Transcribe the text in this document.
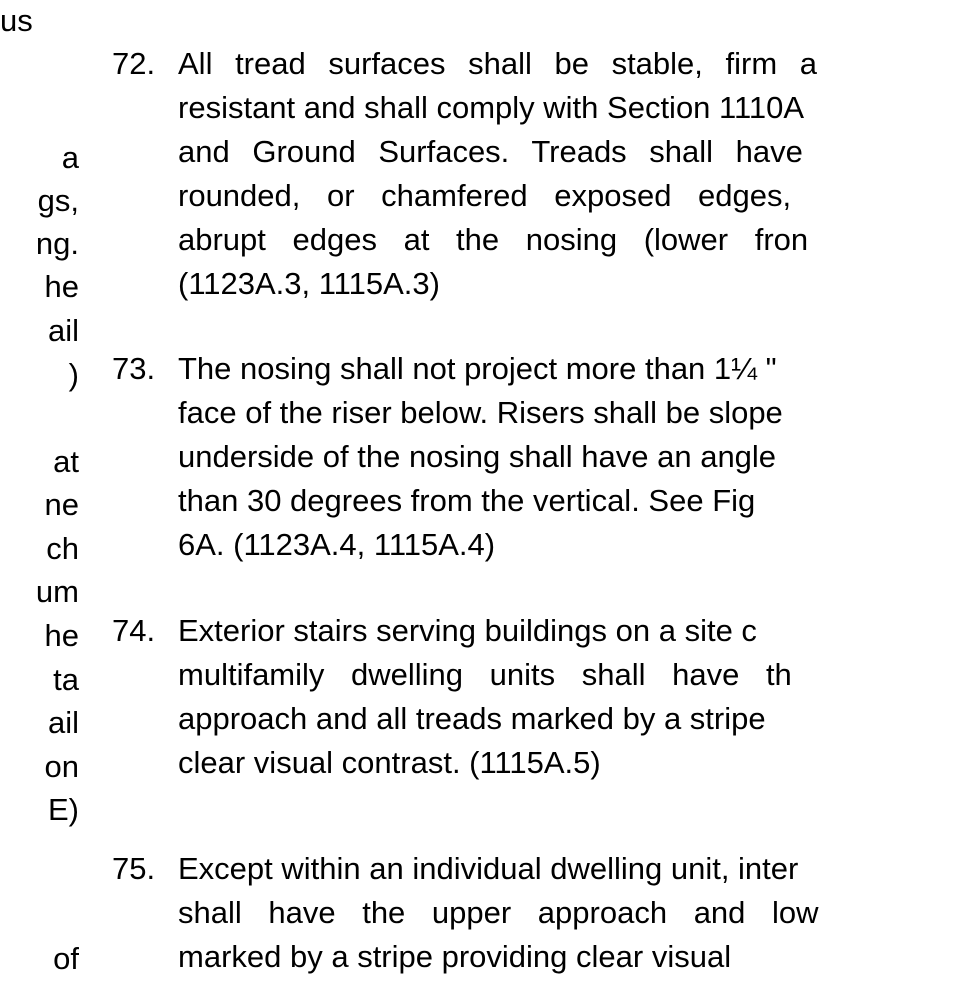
us
a
gs,
ng.
he
ail
)
at
ne
ch
um
he
ta
ail
on
E)
of
72. All tread surfaces shall be stable, firm a
resistant and shall comply with Section 1110A
and Ground Surfaces. Treads shall have
rounded, or chamfered exposed edges,
abrupt edges at the nosing (lower fron
(1123A.3, 1115A.3)
73. The nosing shall not project more than 1¼ "
face of the riser below. Risers shall be slope
underside of the nosing shall have an angle
than 30 degrees from the vertical. See Fig
6A. (1123A.4, 1115A.4)
74. Exterior stairs serving buildings on a site c
multifamily dwelling units shall have th
approach and all treads marked by a stripe
clear visual contrast. (1115A.5)
75. Except within an individual dwelling unit, inter
shall have the upper approach and low
marked by a stripe providing clear visual
